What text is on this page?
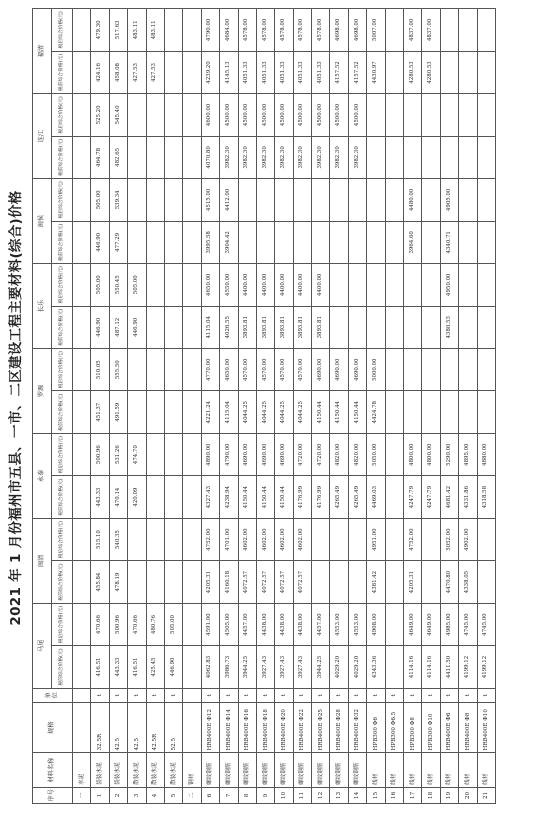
2021 年 1 月份福州市五县、一市、二区建设工程主要材料(综合)价格
序号	材料名称	规格	单位	马尾		闽清		永泰		罗源		长乐		闽侯		连江		福清	
				税前综合价格(元)	税后综合价格(元)	税前综合价格(元)	税后综合价格(元)	税前综合价格(元)	税后综合价格(元)	税前综合价格(元)	税后综合价格(元)	税前综合价格(元)	税后综合价格(元)	税前综合价格(元)	税后综合价格(元)	税前综合价格(元)	税后综合价格(元)	税前综合价格(元)	税后综合价格(元)
一	水泥																		
1	袋装水泥	32.5R	t	416.51	470.66	455.84	515.10	443.33	500.96	451.37	510.05	446.90	505.00	446.90	505.00	464.78	525.20	424.16	479.30
2	袋装水泥	42.5	t	443.33	500.96	478.19	540.35	470.14	531.26	491.59	555.50	487.12	550.45	477.29	539.34	482.65	545.40	458.08	517.63
3	散装水泥	42.5	t	416.51	470.66			420.09	474.70			446.90	505.00					427.53	483.11
4	散装水泥	42.5R	t	425.45	480.76													427.53	483.11
5	散装水泥	52.5	t	446.90	505.00														
二	钢材																		
6	螺纹钢筋	HRB400E Φ12	t	4062.83	4591.00	4205.31	4752.00	4327.43	4890.00	4221.24	4770.00	4115.04	4650.00	3995.58	4515.00	4070.80	4600.00	4239.20	4790.00
7	螺纹钢筋	HRB400E Φ14	t	3986.73	4505.00	4160.18	4701.00	4238.94	4790.00	4115.04	4650.00	4026.55	4550.00	3904.42	4412.00	3982.30	4500.00	4145.13	4684.00
8	螺纹钢筋	HRB400E Φ16	t	3944.25	4457.00	4072.57	4602.00	4150.44	4690.00	4044.25	4570.00	3893.81	4400.00			3982.30	4500.00	4051.33	4578.00
9	螺纹钢筋	HRB400E Φ18	t	3927.43	4438.00	4072.57	4602.00	4150.44	4690.00	4044.25	4570.00	3893.81	4400.00			3982.30	4500.00	4051.33	4578.00
10	螺纹钢筋	HRB400E Φ20	t	3927.43	4438.00	4072.57	4602.00	4150.44	4690.00	4044.25	4570.00	3893.81	4400.00			3982.30	4500.00	4051.33	4578.00
11	螺纹钢筋	HRB400E Φ22	t	3927.43	4438.00	4072.57	4602.00	4176.99	4720.00	4044.25	4570.00	3893.81	4400.00			3982.30	4500.00	4051.33	4578.00
12	螺纹钢筋	HRB400E Φ25	t	3944.25	4457.00			4176.99	4720.00	4150.44	4690.00	3893.81	4400.00			3982.30	4500.00	4051.33	4578.00
13	螺纹钢筋	HRB400E Φ28	t	4029.20	4553.00			4265.49	4820.00	4150.44	4690.00					3982.30	4500.00	4157.52	4698.00
14	螺纹钢筋	HRB400E Φ32	t	4029.20	4553.00			4265.49	4820.00	4150.44	4690.00					3982.30	4500.00	4157.52	4698.00
15	线材	HPB300 Φ6	t	4343.36	4908.00	4381.42	4951.00	4469.03	5050.00	4424.78	5000.00							4430.97	5007.00
16	线材	HPB300 Φ6.5	t																
17	线材	HPB300 Φ8	t	4114.16	4649.00	4205.31	4752.00	4247.79	4800.00					3964.60	4480.00			4280.53	4837.00
18	线材	HPB300 Φ10	t	4114.16	4649.00			4247.79	4800.00									4280.53	4837.00
19	线材	HRB400E Φ6	t	4411.50	4985.00	4470.80	5052.00	4681.42	5290.00			4380.53	4950.00	4340.71	4905.00				
20	线材	HRB400E Φ8	t	4199.12	4745.00	4338.05	4902.00	4331.86	4895.00										
21	线材	HRB400E Φ10	t	4199.12	4745.00			4318.58	4880.00										
